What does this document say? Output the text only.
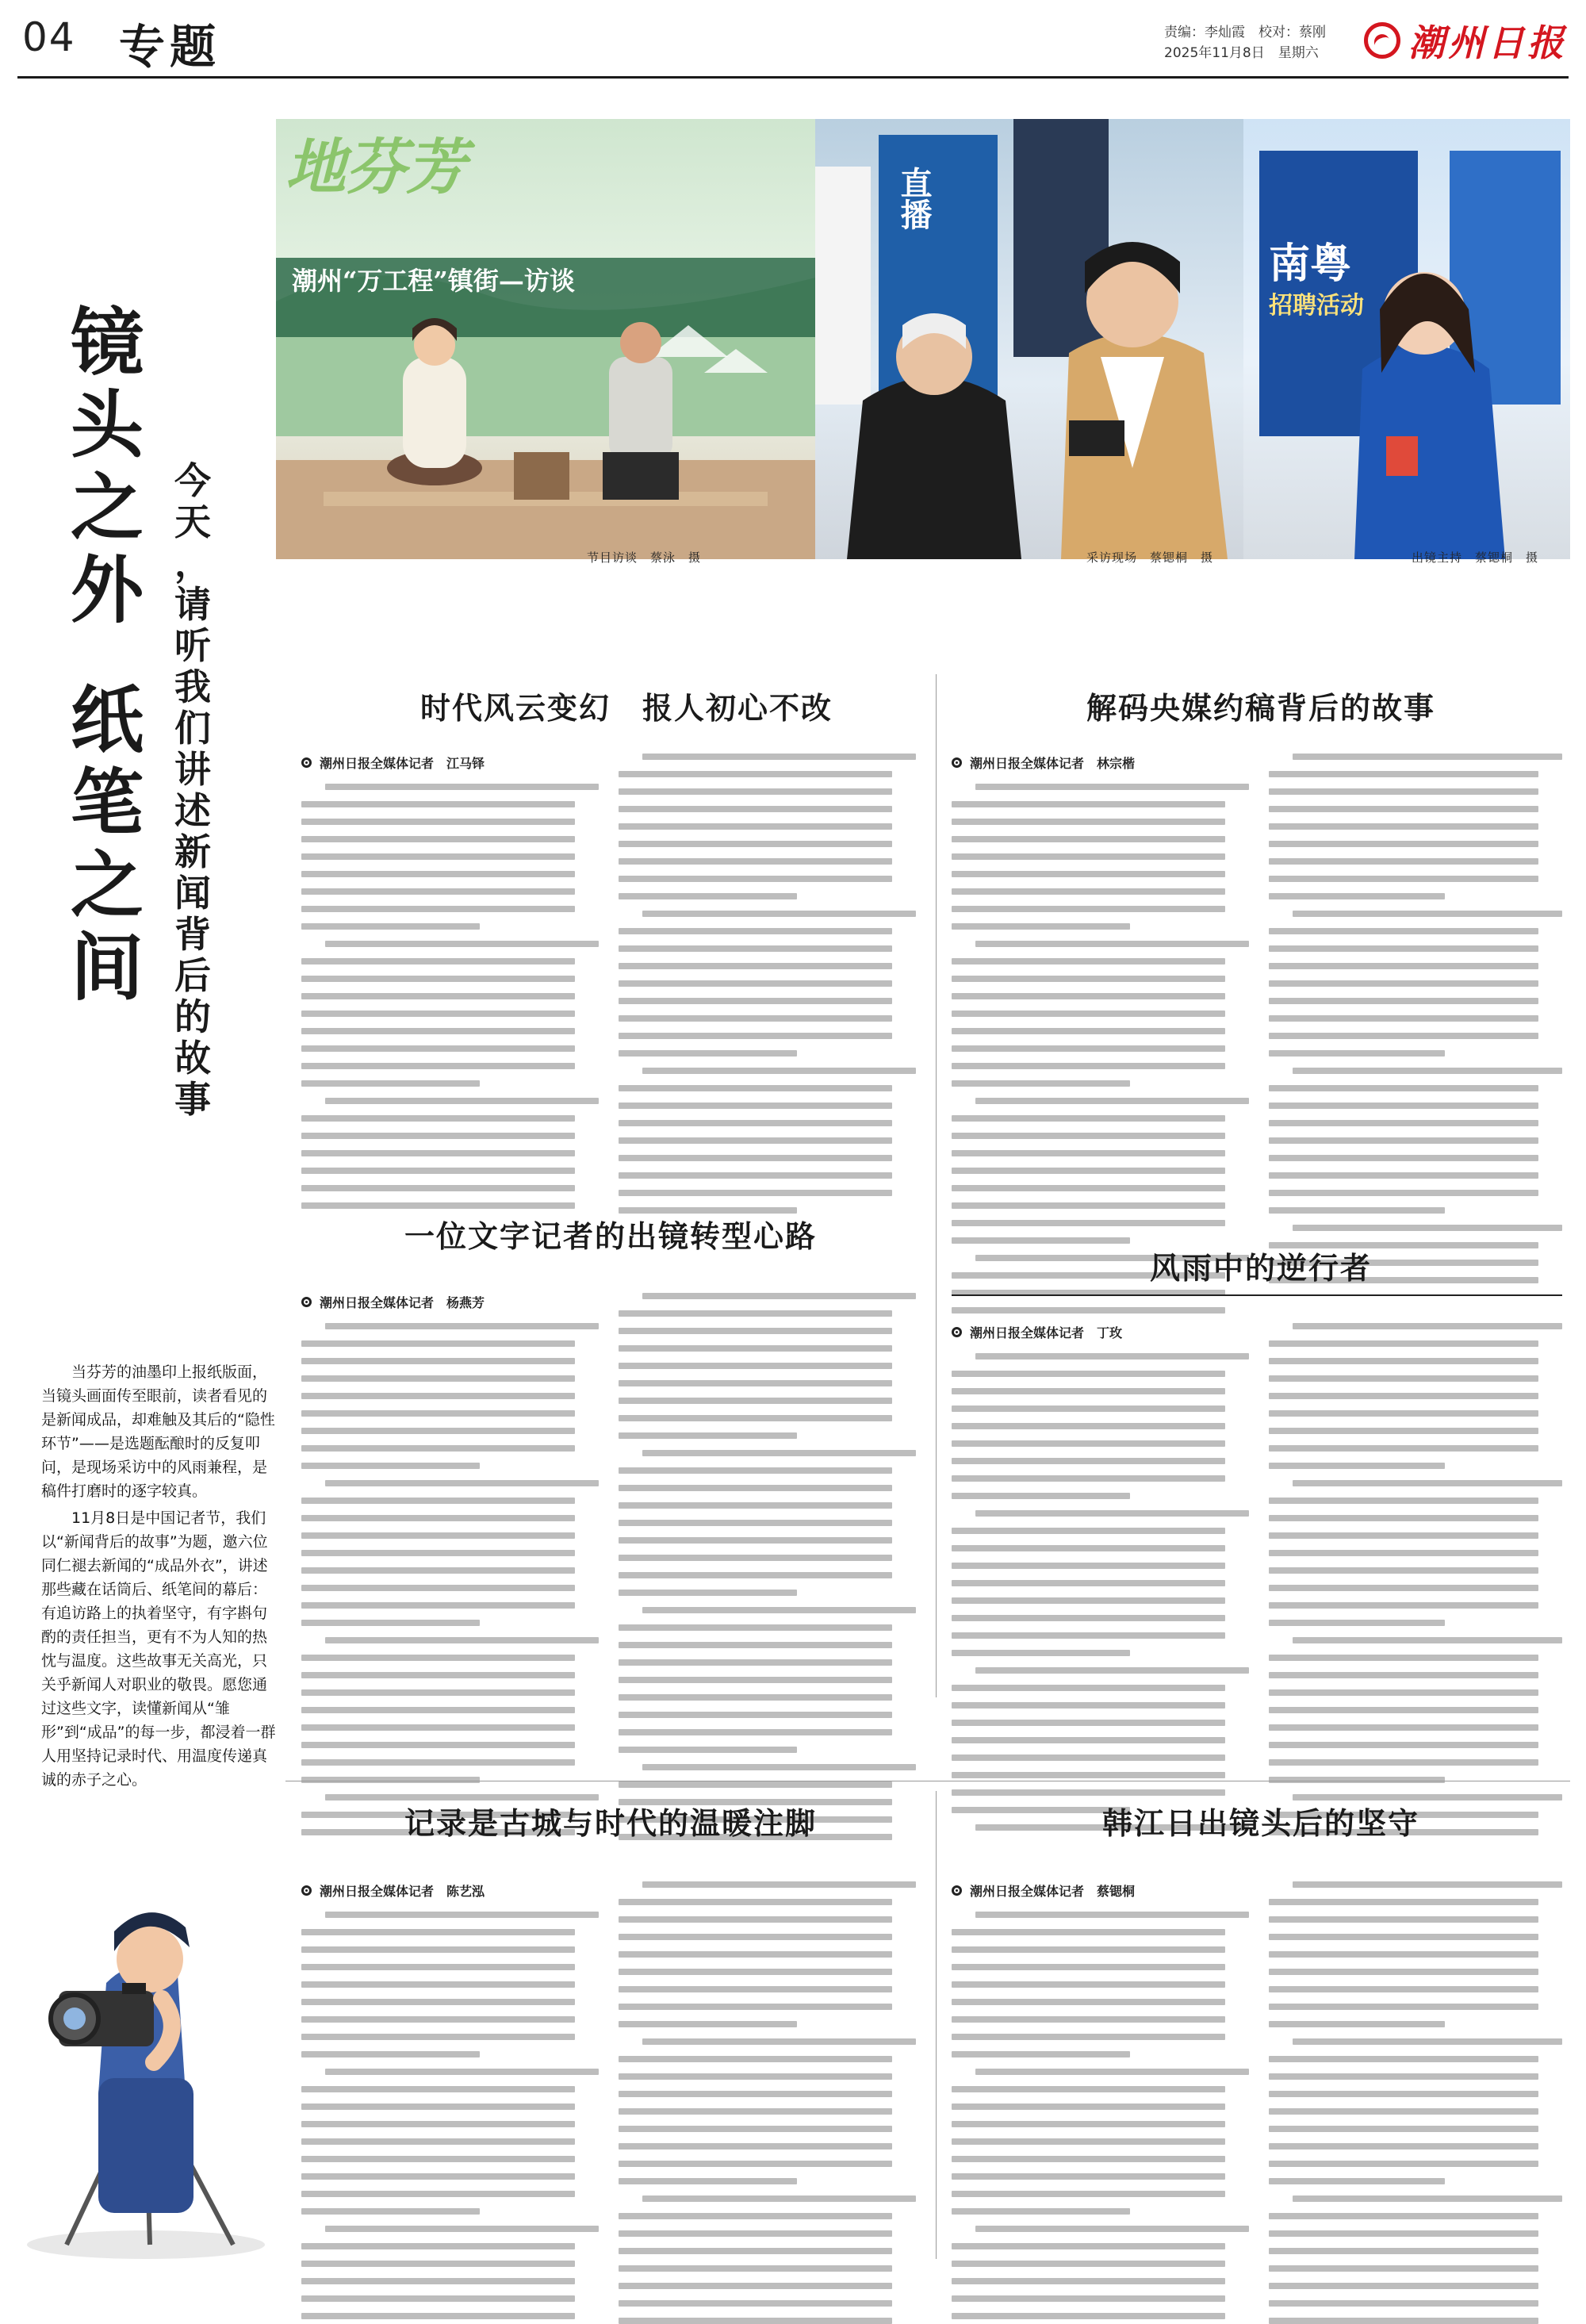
04 专题	责编：李灿霞　校对：蔡刚
2025年11月8日　星期六 潮州日报
镜
头
之
外
纸
笔
之
间
今
天
，
请
听
我
们
讲
述
新
闻
背
后
的
故
事

当芬芳的油墨印上报纸版面，当镜头画面传至眼前，读者看见的是新闻成品，却难触及其后的“隐性环节”——是选题酝酿时的反复叩问，是现场采访中的风雨兼程，是稿件打磨时的逐字较真。

11月8日是中国记者节，我们以“新闻背后的故事”为题，邀六位同仁褪去新闻的“成品外衣”，讲述那些藏在话筒后、纸笔间的幕后：有追访路上的执着坚守，有字斟句酌的责任担当，更有不为人知的热忱与温度。这些故事无关高光，只关乎新闻人对职业的敬畏。愿您通过这些文字，读懂新闻从“雏形”到“成品”的每一步，都浸着一群人用坚持记录时代、用温度传递真诚的赤子之心。

地芬芳
潮州“万工程”镇街—访谈
节目访谈　蔡泳　摄
直播
采访现场　蔡锶桐　摄
南粤
招聘活动
出镜主持　蔡锶桐　摄
时代风云变幻　报人初心不改
潮州日报全媒体记者　江马铎
解码央媒约稿背后的故事
潮州日报全媒体记者　林宗楷
一位文字记者的出镜转型心路
潮州日报全媒体记者　杨燕芳
风雨中的逆行者
潮州日报全媒体记者　丁玫
记录是古城与时代的温暖注脚
潮州日报全媒体记者　陈艺泓
韩江日出镜头后的坚守
潮州日报全媒体记者　蔡锶桐
